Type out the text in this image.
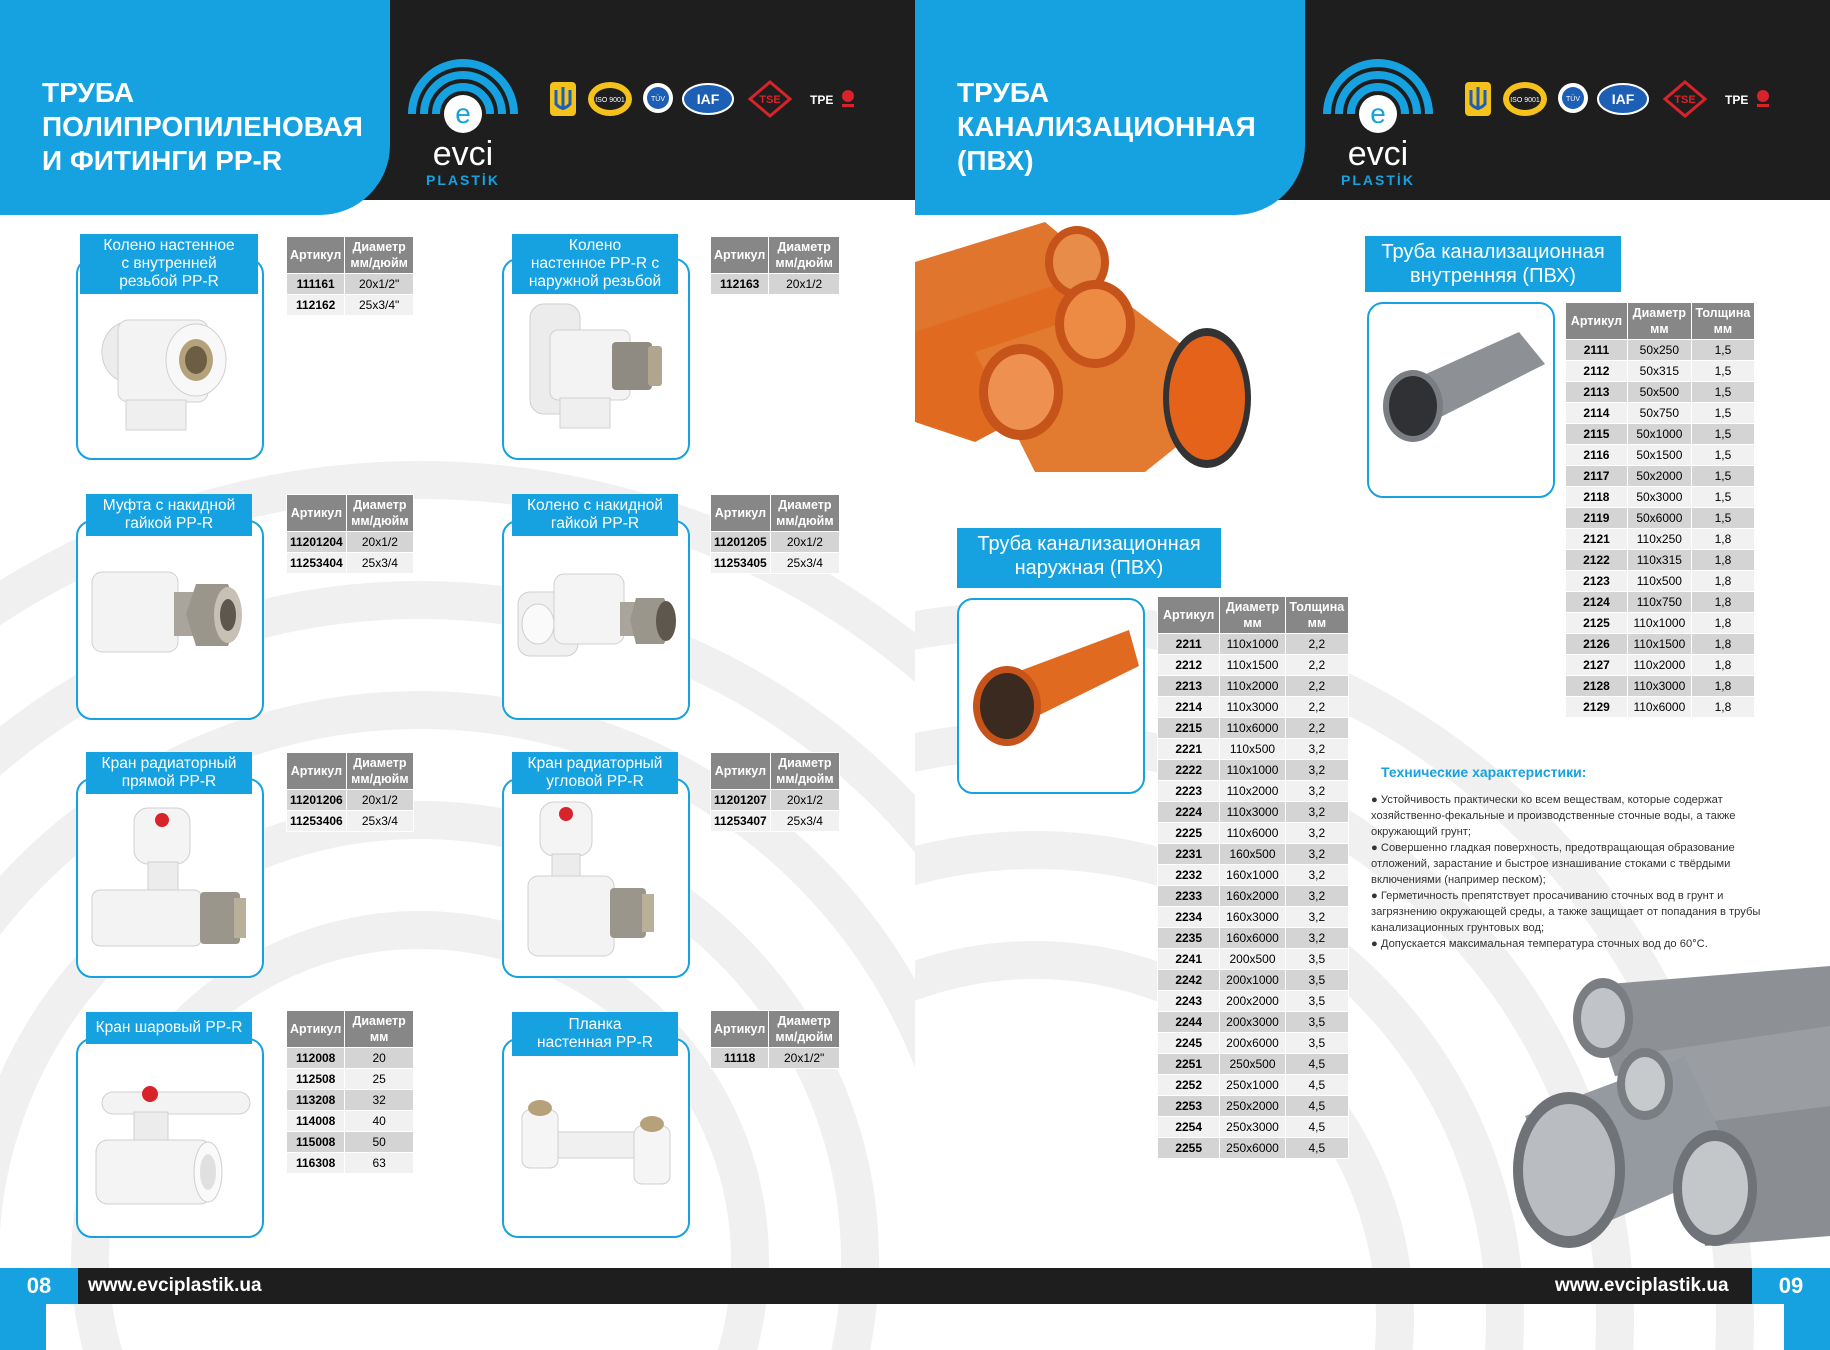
ТРУБА
ПОЛИПРОПИЛЕНОВАЯ
И ФИТИНГИ PP-R
e
evci
PLASTİK
ISO 9001	TÜV IAF	TSE TPE
Колено настенное
с внутренней
резьбой PP-R
Артикул	Диаметр мм/дюйм
111161	20x1/2"
112162	25x3/4"
Колено
настенное PP-R с
наружной резьбой
Артикул	Диаметр мм/дюйм
112163	20x1/2
Муфта с накидной
гайкой PP-R
Артикул	Диаметр мм/дюйм
11201204	20x1/2
11253404	25x3/4
Колено с накидной
гайкой PP-R
Артикул	Диаметр мм/дюйм
11201205	20x1/2
11253405	25x3/4
Кран радиаторный
прямой PP-R
Артикул	Диаметр мм/дюйм
11201206	20x1/2
11253406	25x3/4
Кран радиаторный
угловой PP-R
Артикул	Диаметр мм/дюйм
11201207	20x1/2
11253407	25x3/4
Кран шаровый PP-R	Артикул	Диаметр мм
112008	20
112508	25
113208	32
114008	40
115008	50
116308	63
Планка
настенная PP-R
Артикул	Диаметр мм/дюйм
11118	20x1/2"
08	www.evciplastik.ua
ТРУБА
КАНАЛИЗАЦИОННАЯ
(ПВХ)
e
evci
PLASTİK
ISO 9001	TÜV IAF	TSE TPE
Труба канализационная
внутренняя (ПВХ)
Артикул	Диаметр мм	Толщина мм
2111	50x250	1,5
2112	50x315	1,5
2113	50x500	1,5
2114	50x750	1,5
2115	50x1000	1,5
2116	50x1500	1,5
2117	50x2000	1,5
2118	50x3000	1,5
2119	50x6000	1,5
2121	110x250	1,8
2122	110x315	1,8
2123	110x500	1,8
2124	110x750	1,8
2125	110x1000	1,8
2126	110x1500	1,8
2127	110x2000	1,8
2128	110x3000	1,8
2129	110x6000	1,8
Труба канализационная
наружная (ПВХ)
Артикул	Диаметр мм	Толщина мм
2211	110x1000	2,2
2212	110x1500	2,2
2213	110x2000	2,2
2214	110x3000	2,2
2215	110x6000	2,2
2221	110x500	3,2
2222	110x1000	3,2
2223	110x2000	3,2
2224	110x3000	3,2
2225	110x6000	3,2
2231	160x500	3,2
2232	160x1000	3,2
2233	160x2000	3,2
2234	160x3000	3,2
2235	160x6000	3,2
2241	200x500	3,5
2242	200x1000	3,5
2243	200x2000	3,5
2244	200x3000	3,5
2245	200x6000	3,5
2251	250x500	4,5
2252	250x1000	4,5
2253	250x2000	4,5
2254	250x3000	4,5
2255	250x6000	4,5
Технические характеристики:
● Устойчивость практически ко всем веществам, которые содержат хозяйственно-фекальные и производственные сточные воды, а также окружающий грунт;
● Совершенно гладкая поверхность, предотвращающая образование отложений, зарастание и быстрое изнашивание стоками с твёрдыми включениями (например песком);
● Герметичность препятствует просачиванию сточных вод в грунт и загрязнению окружающей среды, а также защищает от попадания в трубы канализационных грунтовых вод;
● Допускается максимальная температура сточных вод до 60°С.
09
www.evciplastik.ua
